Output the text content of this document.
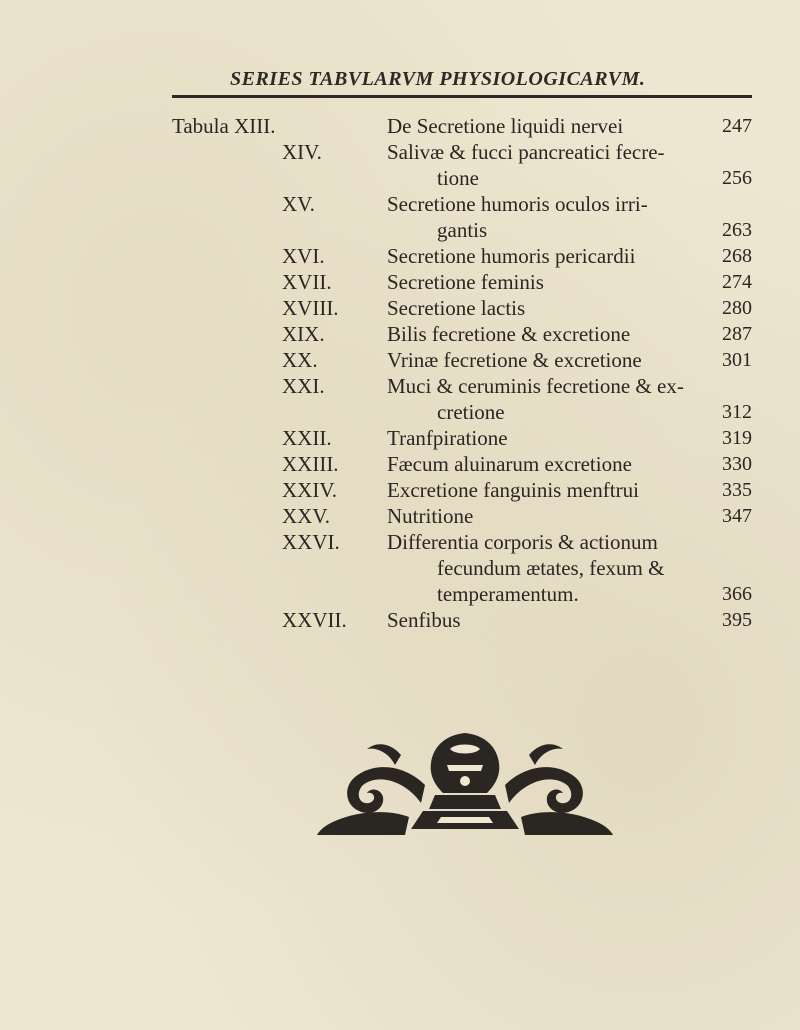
SERIES TABVLARVM PHYSIOLOGICARVM.
Tabula XIII.	De Secretione liquidi nervei	247
XIV.	Salivæ & fucci pancreatici fecre-
tione	256
XV.	Secretione humoris oculos irri-
gantis	263
XVI.	Secretione humoris pericardii	268
XVII.	Secretione feminis	274
XVIII. Secretione lactis	280
XIX.	Bilis fecretione & excretione	287
XX.	Vrinæ fecretione & excretione	301
XXI.	Muci & ceruminis fecretione & ex-
cretione	312
XXII.	Tranfpiratione	319
XXIII. Fæcum aluinarum excretione	330
XXIV. Excretione fanguinis menftrui	335
XXV.	Nutritione	347
XXVI. Differentia corporis & actionum
fecundum ætates, fexum &
temperamentum.	366
XXVII. Senfibus	395
